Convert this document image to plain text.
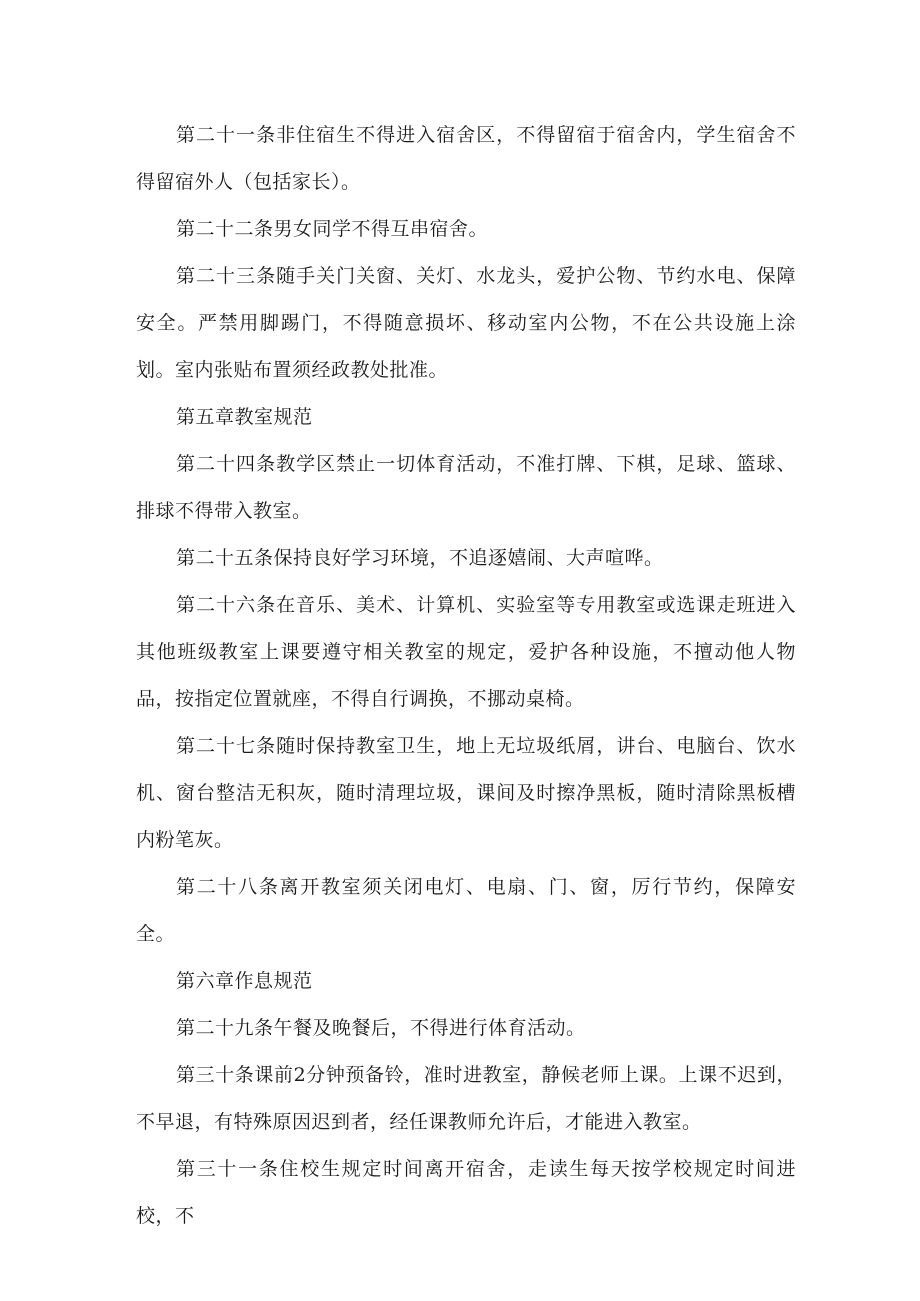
第二十一条非住宿生不得进入宿舍区，不得留宿于宿舍内，学生宿舍不得留宿外人（包括家长）。

第二十二条男女同学不得互串宿舍。

第二十三条随手关门关窗、关灯、水龙头，爱护公物、节约水电、保障安全。严禁用脚踢门，不得随意损坏、移动室内公物，不在公共设施上涂划。室内张贴布置须经政教处批准。

第五章教室规范

第二十四条教学区禁止一切体育活动，不准打牌、下棋，足球、篮球、排球不得带入教室。

第二十五条保持良好学习环境，不追逐嬉闹、大声喧哗。

第二十六条在音乐、美术、计算机、实验室等专用教室或选课走班进入其他班级教室上课要遵守相关教室的规定，爱护各种设施，不擅动他人物品，按指定位置就座，不得自行调换，不挪动桌椅。

第二十七条随时保持教室卫生，地上无垃圾纸屑，讲台、电脑台、饮水机、窗台整洁无积灰，随时清理垃圾，课间及时擦净黑板，随时清除黑板槽内粉笔灰。

第二十八条离开教室须关闭电灯、电扇、门、窗，厉行节约，保障安全。

第六章作息规范

第二十九条午餐及晚餐后，不得进行体育活动。

第三十条课前2分钟预备铃，准时进教室，静候老师上课。上课不迟到，不早退，有特殊原因迟到者，经任课教师允许后，才能进入教室。

第三十一条住校生规定时间离开宿舍，走读生每天按学校规定时间进校，不
